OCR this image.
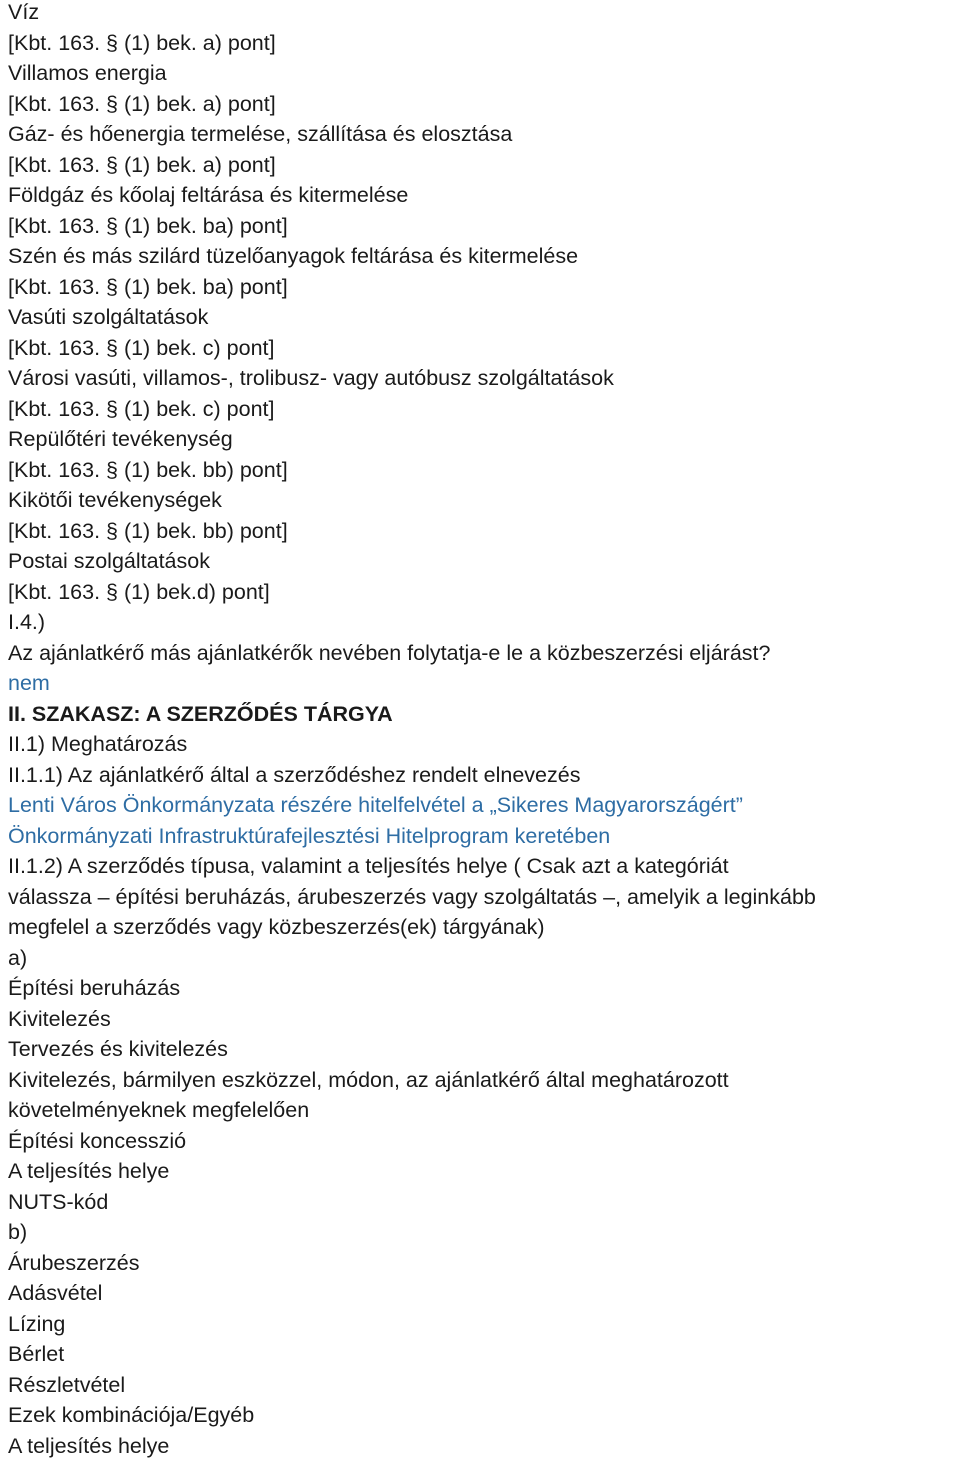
Víz
[Kbt. 163. § (1) bek. a) pont]
Villamos energia
[Kbt. 163. § (1) bek. a) pont]
Gáz- és hőenergia termelése, szállítása és elosztása
[Kbt. 163. § (1) bek. a) pont]
Földgáz és kőolaj feltárása és kitermelése
[Kbt. 163. § (1) bek. ba) pont]
Szén és más szilárd tüzelőanyagok feltárása és kitermelése
[Kbt. 163. § (1) bek. ba) pont]
Vasúti szolgáltatások
[Kbt. 163. § (1) bek. c) pont]
Városi vasúti, villamos-, trolibusz- vagy autóbusz szolgáltatások
[Kbt. 163. § (1) bek. c) pont]
Repülőtéri tevékenység
[Kbt. 163. § (1) bek. bb) pont]
Kikötői tevékenységek
[Kbt. 163. § (1) bek. bb) pont]
Postai szolgáltatások
[Kbt. 163. § (1) bek.d) pont]
I.4.)
Az ajánlatkérő más ajánlatkérők nevében folytatja-e le a közbeszerzési eljárást?
nem
II. SZAKASZ: A SZERZŐDÉS TÁRGYA
II.1) Meghatározás
II.1.1) Az ajánlatkérő által a szerződéshez rendelt elnevezés
Lenti Város Önkormányzata részére hitelfelvétel a „Sikeres Magyarországért”
Önkormányzati Infrastruktúrafejlesztési Hitelprogram keretében
II.1.2) A szerződés típusa, valamint a teljesítés helye ( Csak azt a kategóriát
válassza – építési beruházás, árubeszerzés vagy szolgáltatás –, amelyik a leginkább
megfelel a szerződés vagy közbeszerzés(ek) tárgyának)
a)
Építési beruházás
Kivitelezés
Tervezés és kivitelezés
Kivitelezés, bármilyen eszközzel, módon, az ajánlatkérő által meghatározott
követelményeknek megfelelően
Építési koncesszió
A teljesítés helye
NUTS-kód
b)
Árubeszerzés
Adásvétel
Lízing
Bérlet
Részletvétel
Ezek kombinációja/Egyéb
A teljesítés helye
